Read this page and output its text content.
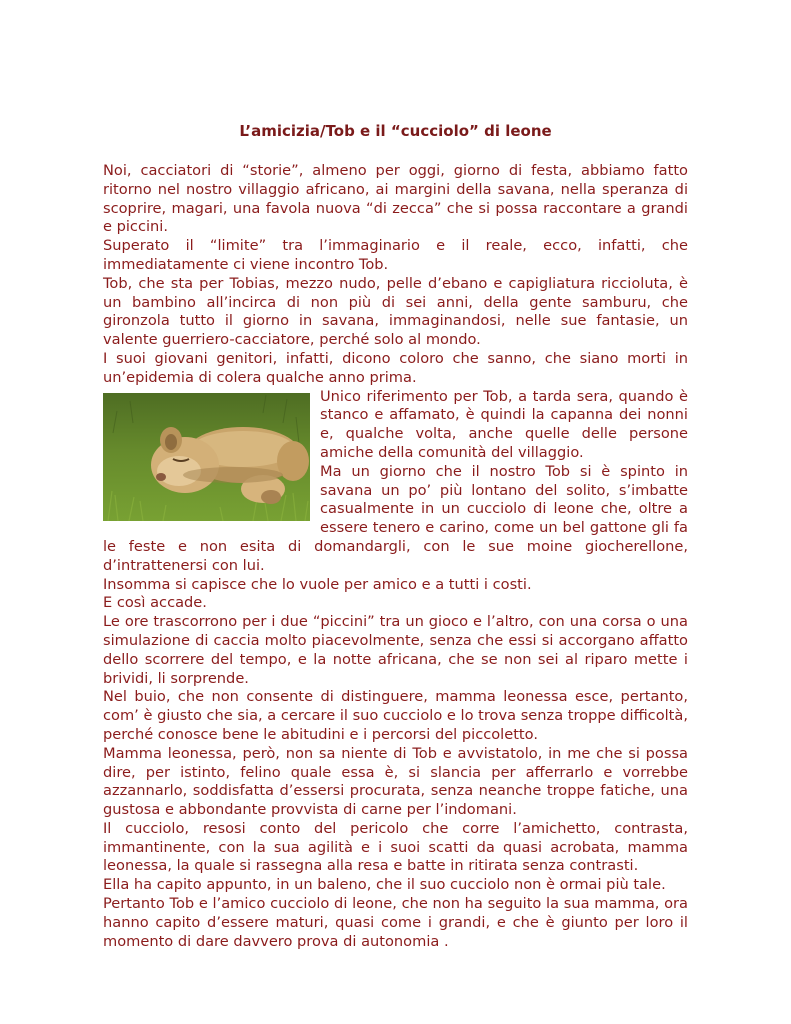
L’amicizia/Tob e il “cucciolo” di leone

Noi, cacciatori di “storie”, almeno per oggi, giorno di festa, abbiamo fatto ritorno nel nostro villaggio africano, ai margini della savana, nella speranza di scoprire, magari, una favola nuova “di zecca” che si possa raccontare a grandi e piccini.

Superato il “limite” tra l’immaginario e il reale, ecco, infatti, che immediatamente ci viene incontro Tob.

Tob, che sta per Tobias, mezzo nudo, pelle d’ebano e capigliatura ricciolutа, è un bambino all’incirca di non più di sei anni, della gente samburu, che gironzola tutto il giorno in savana, immaginandosi, nelle sue fantasie, un valente guerriero-cacciatore, perché solo al mondo.

I suoi giovani genitori, infatti, dicono coloro che sanno, che siano morti in un’epidemia di colera qualche anno prima.

Unico riferimento per Tob, a tarda sera, quando è stanco e affamato, è quindi la capanna dei nonni e, qualche volta, anche quelle delle persone amiche della comunità del villaggio.

Ma un giorno che il nostro Tob si è spinto in savana un po’ più lontano del solito, s’imbatte casualmente in un cucciolo di leone che, oltre a essere tenero e carino, come un bel gattone gli fa le feste e non esita di domandargli, con le sue moine giocherellone, d’intrattenersi con lui.

Insomma si capisce che lo vuole per amico e a tutti i costi.

E così accade.

Le ore trascorrono per i due “piccini” tra un gioco e l’altro, con una corsa o una simulazione di caccia molto piacevolmente, senza che essi si accorgano affatto dello scorrere del tempo, e la notte africana, che se non sei al riparo mette i brividi, li sorprende.

Nel buio, che non consente di distinguere, mamma leonessa esce, pertanto, com’ è giusto che sia, a cercare il suo cucciolo e lo trova senza troppe difficoltà, perché conosce bene le abitudini e i percorsi del piccoletto.

Mamma leonessa, però, non sa niente di Tob e avvistatolo, in me che si possa dire, per istinto, felino quale essa è, si slancia per afferrarlo e vorrebbe azzannarlo, soddisfatta d’essersi procurata, senza neanche troppe fatiche, una gustosa e abbondante provvista di carne per l’indomani.

Il cucciolo, resosi conto del pericolo che corre l’amichetto, contrasta, immantinente, con la sua agilità e i suoi scatti da quasi acrobata, mamma leonessa, la quale si rassegna alla resa e batte in ritirata senza contrasti.

Ella ha capito appunto, in un baleno, che il suo cucciolo non è ormai più tale.

Pertanto Tob e l’amico cucciolo di leone, che non ha seguito la sua mamma, ora hanno capito d’essere maturi, quasi come i grandi, e che è giunto per loro il momento di dare davvero prova di autonomia .
